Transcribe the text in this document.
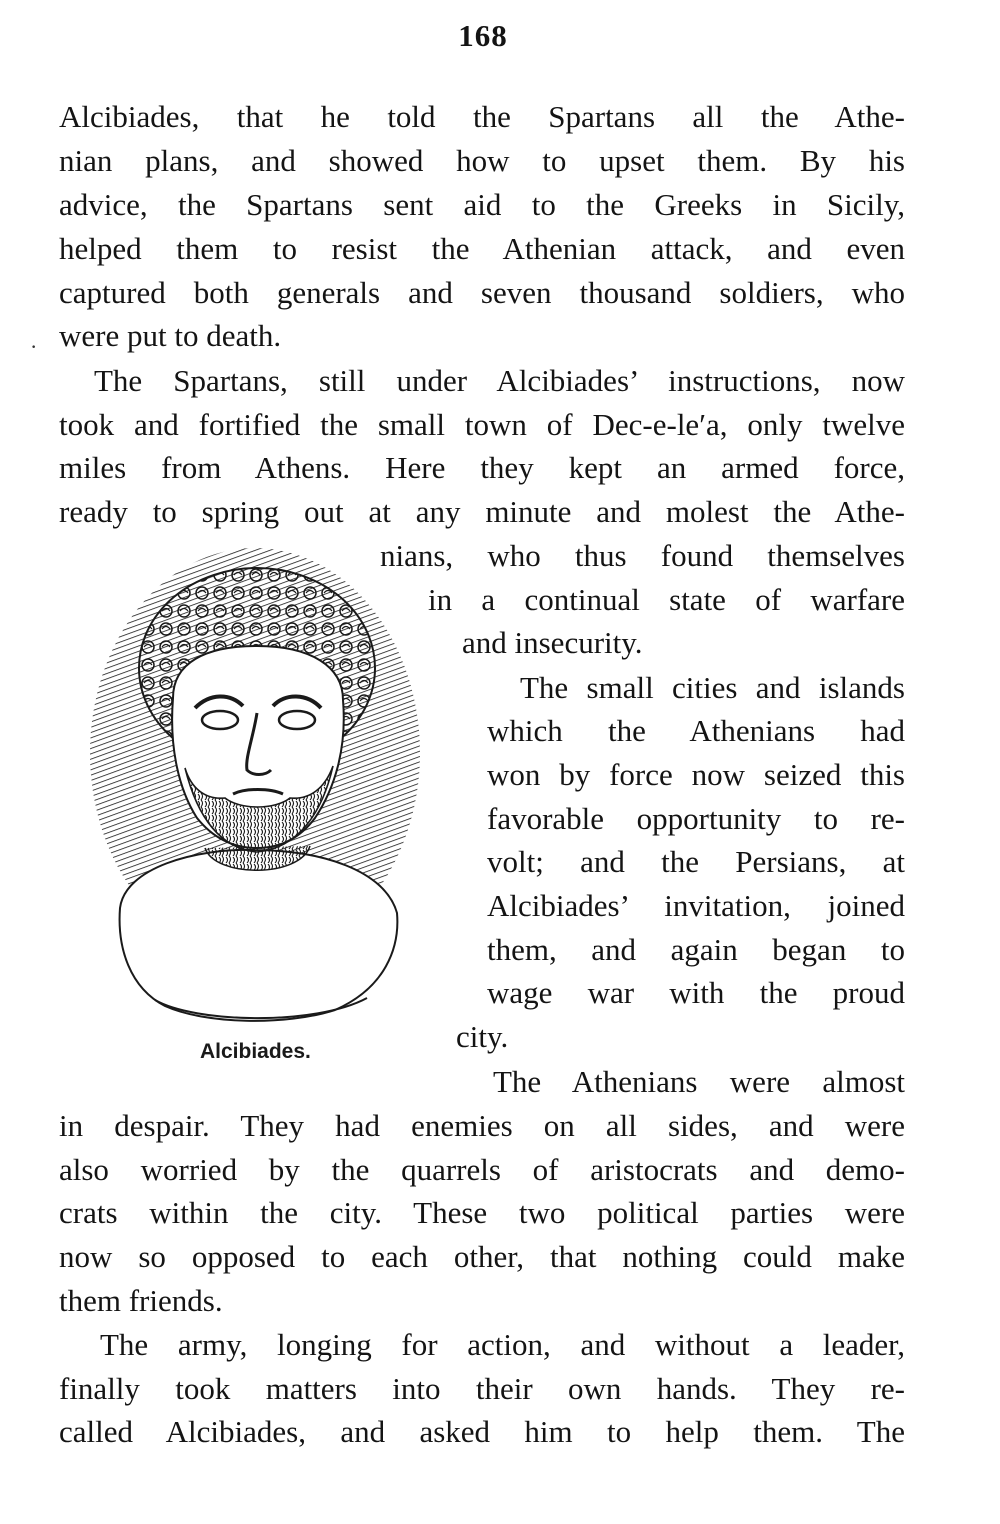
168
Alcibiades, that he told the Spartans all the Athe-
nian plans, and showed how to upset them. By his
advice, the Spartans sent aid to the Greeks in Sicily,
helped them to resist the Athenian attack, and even
captured both generals and seven thousand soldiers, who
were put to death.
·
The Spartans, still under Alcibiades’ instructions, now
took and fortified the small town of Dec-e-le′a, only twelve
miles from Athens. Here they kept an armed force,
ready to spring out at any minute and molest the Athe-
nians, who thus found themselves
in a continual state of warfare
and insecurity.
The small cities and islands
which the Athenians had
won by force now seized this
favorable opportunity to re-
volt; and the Persians, at
Alcibiades’ invitation, joined
them, and again began to
wage war with the proud
city.
The Athenians were almost
in despair. They had enemies on all sides, and were
also worried by the quarrels of aristocrats and demo-
crats within the city. These two political parties were
now so opposed to each other, that nothing could make
them friends.
The army, longing for action, and without a leader,
finally took matters into their own hands. They re-
called Alcibiades, and asked him to help them. The
Alcibiades.
